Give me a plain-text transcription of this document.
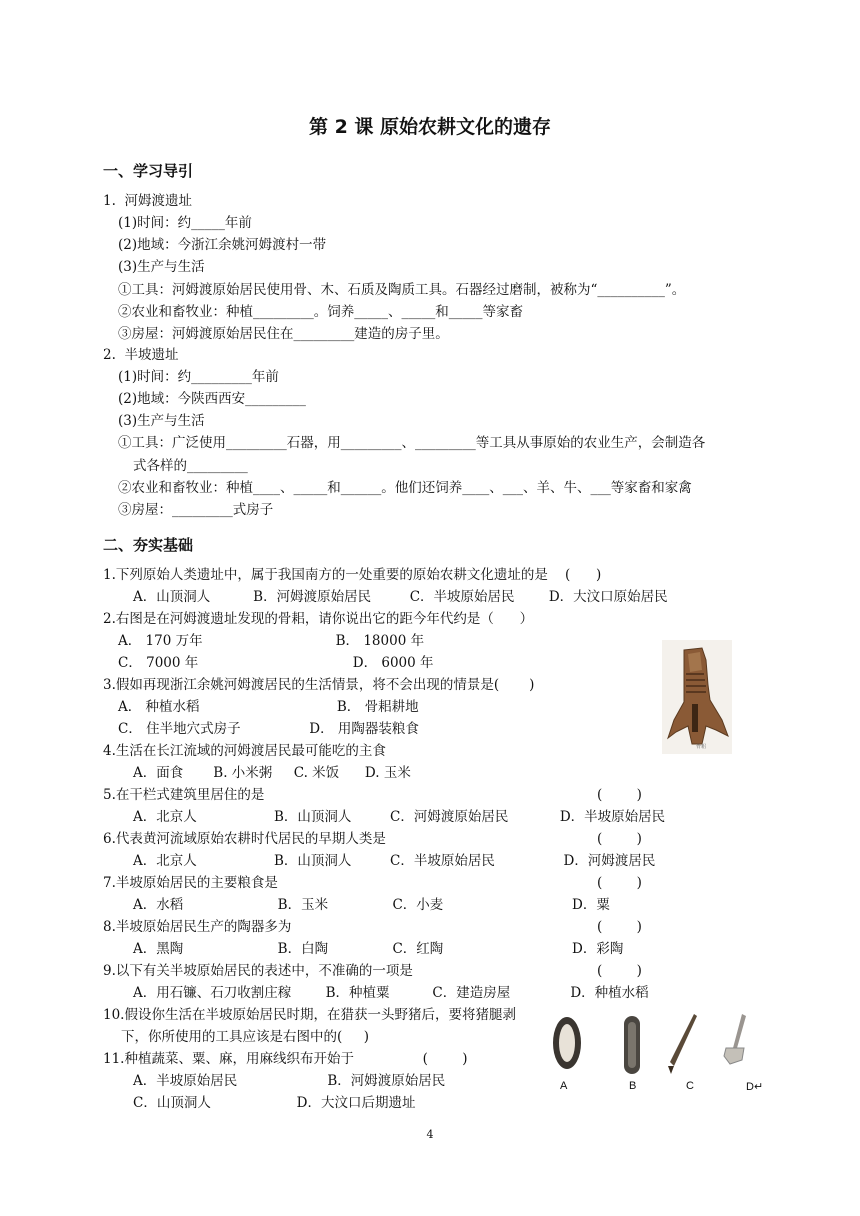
第 2 课 原始农耕文化的遗存
一、学习导引
1.  河姆渡遗址
(1)时间：约_____年前
(2)地域：今浙江余姚河姆渡村一带
(3)生产与生活
①工具：河姆渡原始居民使用骨、木、石质及陶质工具。石器经过磨制，被称为“__________”。
②农业和畜牧业：种植_________。饲养_____、_____和_____等家畜
③房屋：河姆渡原始居民住在_________建造的房子里。
2.  半坡遗址
(1)时间：约_________年前
(2)地域：今陕西西安_________
(3)生产与生活
①工具：广泛使用_________石器，用_________、_________等工具从事原始的农业生产，会制造各
式各样的_________
②农业和畜牧业：种植____、_____和______。他们还饲养____、___、羊、牛、___等家畜和家禽
③房屋：_________式房子
二、夯实基础
1.下列原始人类遗址中，属于我国南方的一处重要的原始农耕文化遗址的是    (      )
A．山顶洞人          B．河姆渡原始居民         C．半坡原始居民        D．大汶口原始居民
2.右图是在河姆渡遗址发现的骨耜，请你说出它的距今年代约是（      ）
A． 170 万年                               B． 18000 年
C． 7000 年                                    D． 6000 年
3.假如再现浙江余姚河姆渡居民的生活情景，将不会出现的情景是(       )
A． 种植水稻                                B． 骨耜耕地
C． 住半地穴式房子                D． 用陶器装粮食
4.生活在长江流域的河姆渡居民最可能吃的主食
A．面食       B. 小米粥     C. 米饭      D. 玉米
5.在干栏式建筑里居住的是	(        )
A．北京人                  B．山顶洞人         C．河姆渡原始居民            D．半坡原始居民
6.代表黄河流域原始农耕时代居民的早期人类是	(        )
A．北京人                  B．山顶洞人         C．半坡原始居民                D．河姆渡居民
7.半坡原始居民的主要粮食是	(        )
A．水稻                      B．玉米               C．小麦                              D．粟
8.半坡原始居民生产的陶器多为	(        )
A．黑陶                      B．白陶               C．红陶                              D．彩陶
9.以下有关半坡原始居民的表述中，不准确的一项是	(        )
A．用石镰、石刀收割庄稼        B．种植粟          C．建造房屋              D．种植水稻
10.假设你生活在半坡原始居民时期，在猎获一头野猪后，要将猪腿剥
下，你所使用的工具应该是右图中的(     )
11.种植蔬菜、粟、麻，用麻线织布开始于                (        )
A．半坡原始居民                     B．河姆渡原始居民
C．山顶洞人                    D．大汶口后期遗址
骨耜
A	B	C	D↵
4
